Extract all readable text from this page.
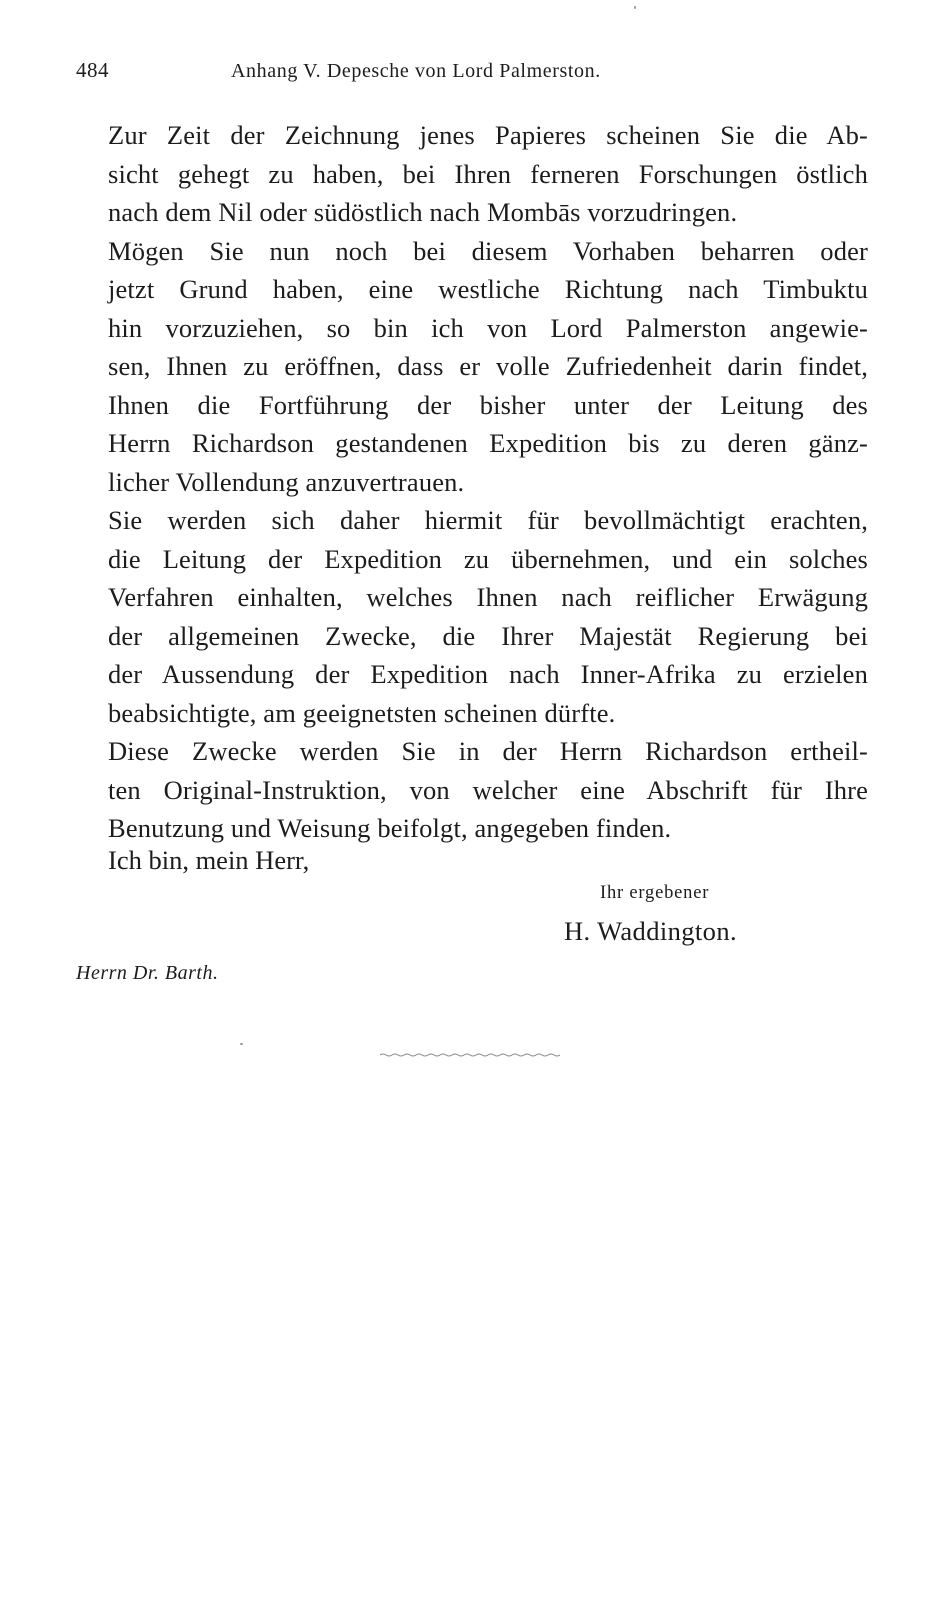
484	Anhang V. Depesche von Lord Palmerston.

Zur Zeit der Zeichnung jenes Papieres scheinen Sie die Ab-
sicht gehegt zu haben, bei Ihren ferneren Forschungen östlich
nach dem Nil oder südöstlich nach Mombās vorzudringen.

Mögen Sie nun noch bei diesem Vorhaben beharren oder
jetzt Grund haben, eine westliche Richtung nach Timbuktu
hin vorzuziehen, so bin ich von Lord Palmerston angewie-
sen, Ihnen zu eröffnen, dass er volle Zufriedenheit darin findet,
Ihnen die Fortführung der bisher unter der Leitung des
Herrn Richardson gestandenen Expedition bis zu deren gänz-
licher Vollendung anzuvertrauen.

Sie werden sich daher hiermit für bevollmächtigt erachten,
die Leitung der Expedition zu übernehmen, und ein solches
Verfahren einhalten, welches Ihnen nach reiflicher Erwägung
der allgemeinen Zwecke, die Ihrer Majestät Regierung bei
der Aussendung der Expedition nach Inner-Afrika zu erzielen
beabsichtigte, am geeignetsten scheinen dürfte.

Diese Zwecke werden Sie in der Herrn Richardson ertheil-
ten Original-Instruktion, von welcher eine Abschrift für Ihre
Benutzung und Weisung beifolgt, angegeben finden.

Ich bin, mein Herr,
Ihr ergebener
H. Waddington.
Herrn Dr. Barth.
